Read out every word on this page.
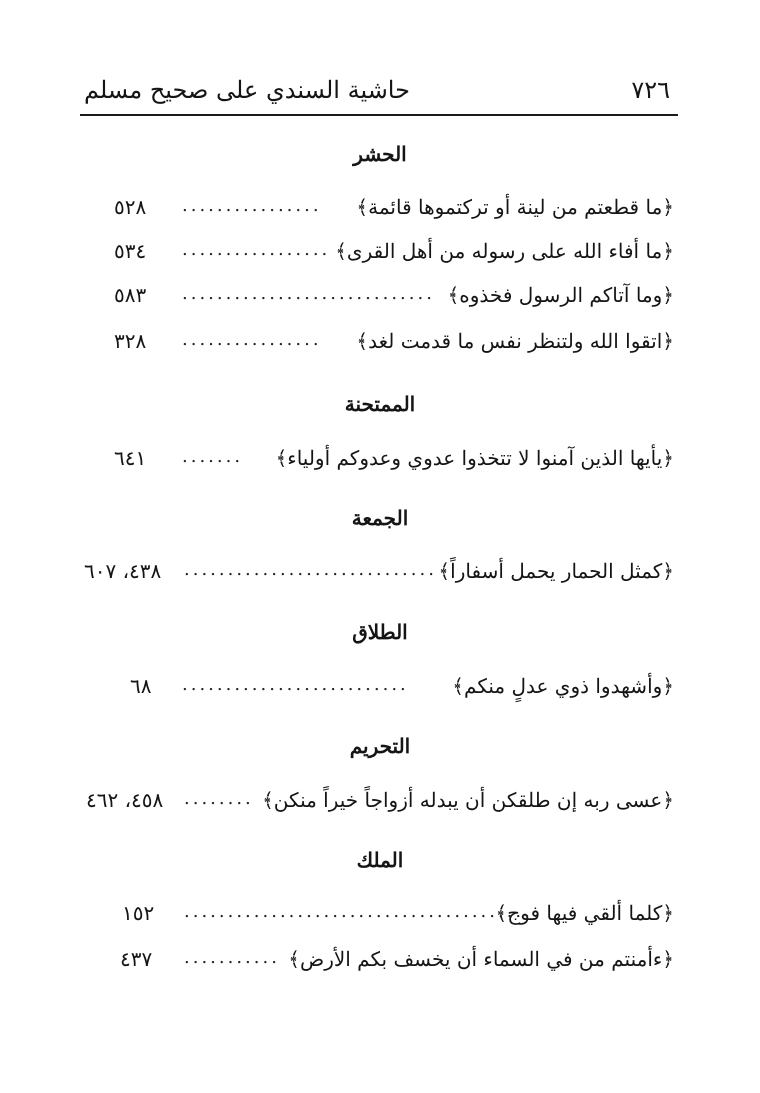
٧٢٦
حاشية السندي على صحيح مسلم
الحشر
﴿ما قطعتم من لينة أو تركتموها قائمة﴾
................
٥٢٨
﴿ما أفاء الله على رسوله من أهل القرى﴾
.................
٥٣٤
﴿وما آتاكم الرسول فخذوه﴾
.............................
٥٨٣
﴿اتقوا الله ولتنظر نفس ما قدمت لغد﴾
................
٣٢٨
الممتحنة
﴿يأيها الذين آمنوا لا تتخذوا عدوي وعدوكم أولياء﴾
.......
٦٤١
الجمعة
﴿كمثل الحمار يحمل أسفاراً﴾
.............................
٤٣٨، ٦٠٧
الطلاق
﴿وأشهدوا ذوي عدلٍ منكم﴾
..........................
٦٨
التحريم
﴿عسى ربه إن طلقكن أن يبدله أزواجاً خيراً منكن﴾
........
٤٥٨، ٤٦٢
الملك
﴿كلما ألقي فيها فوج﴾
.........................................
١٥٢
﴿ءأمنتم من في السماء أن يخسف بكم الأرض﴾
...........
٤٣٧
